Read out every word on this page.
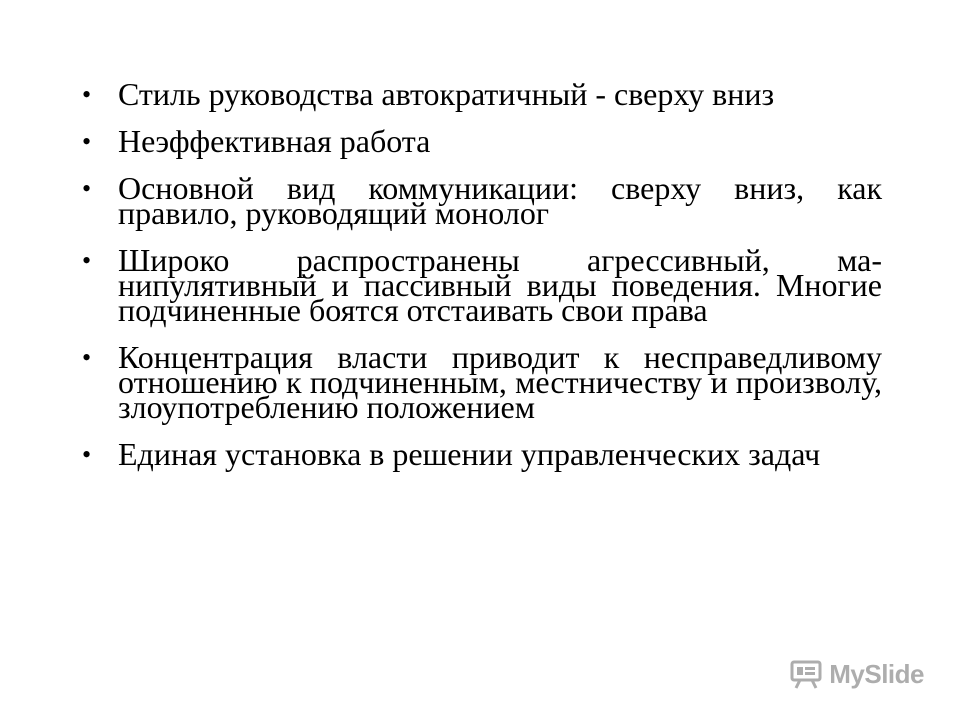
• Стиль руководства автократичный - сверху вниз
• Неэффективная работа
• Основной вид коммуникации: сверху вниз, как правило, руководящий монолог
• Широко распространены агрессивный, ма-нипулятивный и пассивный виды поведения. Многие подчиненные боятся отстаивать свои права
• Концентрация власти приводит к несправедливому отношению к подчиненным, местничеству и произволу, злоупотреблению положением
• Единая установка в решении управленческих задач
MySlide
